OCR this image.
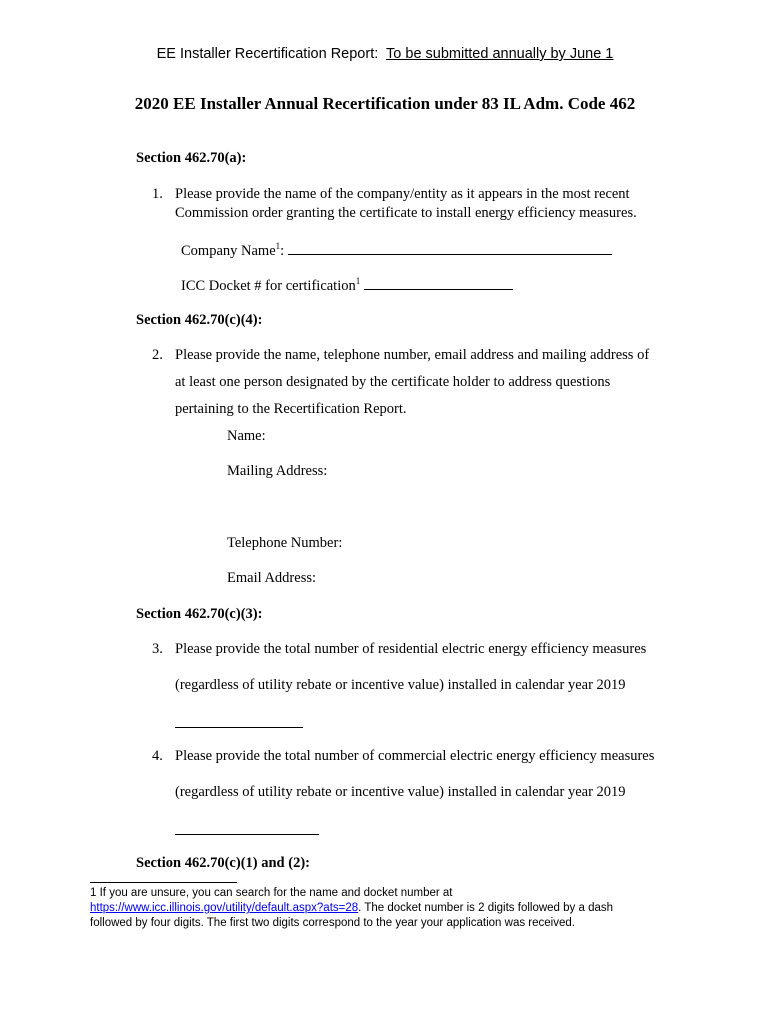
EE Installer Recertification Report: To be submitted annually by June 1
2020 EE Installer Annual Recertification under 83 IL Adm. Code 462
Section 462.70(a):
1. Please provide the name of the company/entity as it appears in the most recent
Commission order granting the certificate to install energy efficiency measures.
Company Name$^1$:
ICC Docket # for certification$^1$
Section 462.70(c)(4):
2. Please provide the name, telephone number, email address and mailing address of
at least one person designated by the certificate holder to address questions
pertaining to the Recertification Report.
Name:
Mailing Address:
Telephone Number:
Email Address:
Section 462.70(c)(3):
3. Please provide the total number of residential electric energy efficiency measures
(regardless of utility rebate or incentive value) installed in calendar year 2019
4. Please provide the total number of commercial electric energy efficiency measures
(regardless of utility rebate or incentive value) installed in calendar year 2019
Section 462.70(c)(1) and (2):
1 If you are unsure, you can search for the name and docket number at
https://www.icc.illinois.gov/utility/default.aspx?ats=28. The docket number is 2 digits followed by a dash
followed by four digits. The first two digits correspond to the year your application was received.
